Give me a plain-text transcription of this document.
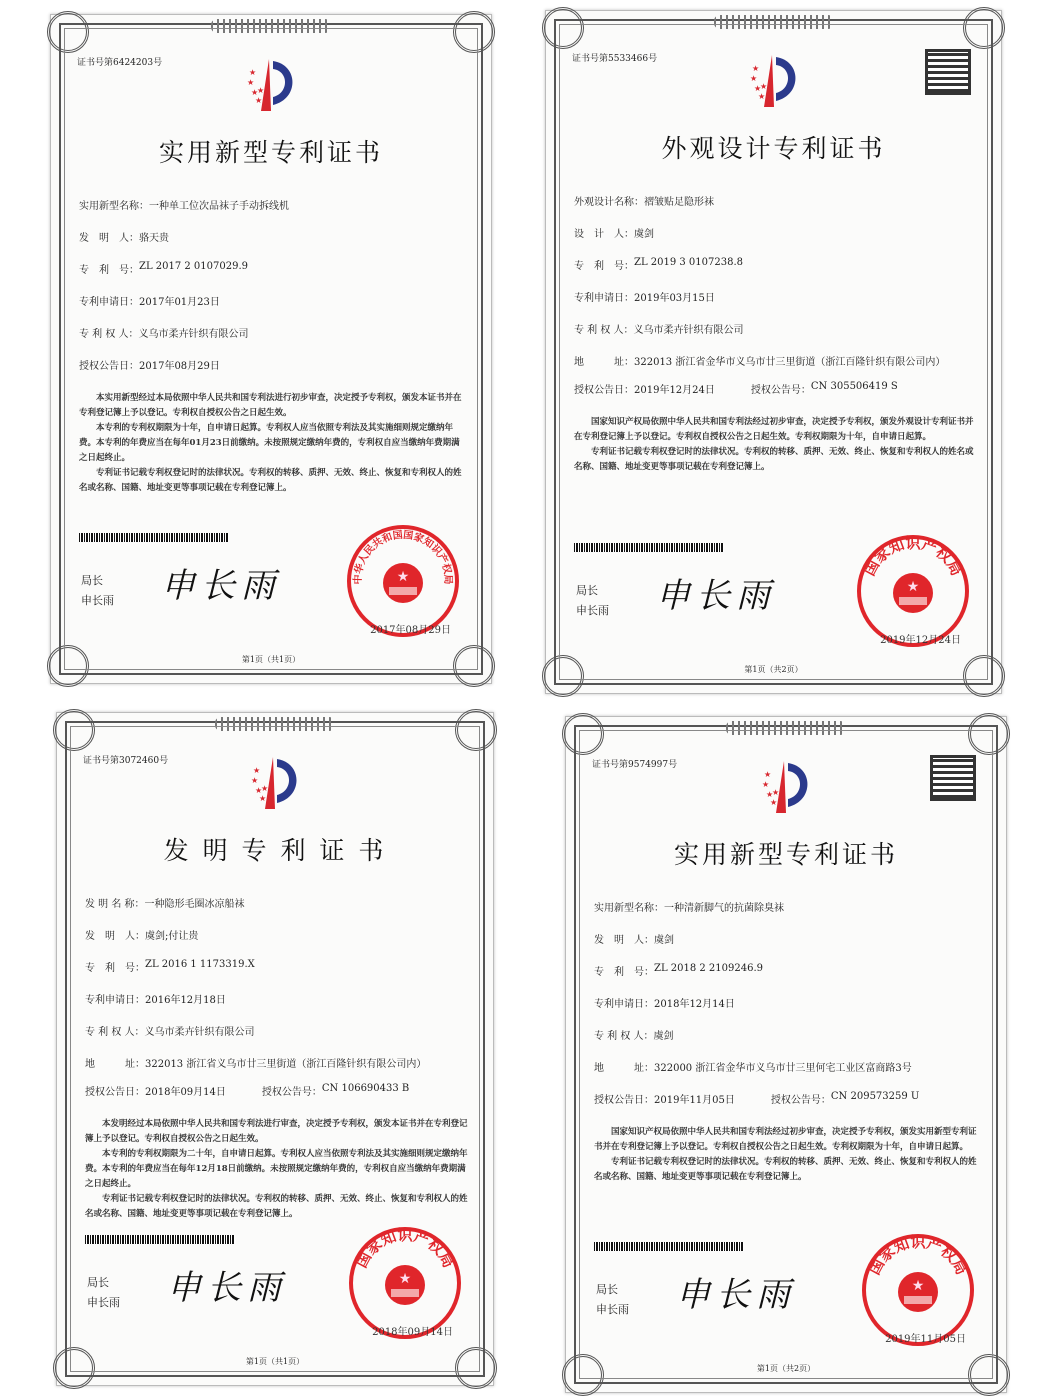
证书号第6424203号
★
★
★
★
★
实用新型专利证书
实用新型名称： 一种单工位次品袜子手动拆线机
发　明　人： 骆天贵
专　利　号： ZL 2017 2 0107029.9
专利申请日： 2017年01月23日
专 利 权 人： 义乌市柔卉针织有限公司
授权公告日： 2017年08月29日

本实用新型经过本局依照中华人民共和国专利法进行初步审查，决定授予专利权，颁发本证书并在专利登记簿上予以登记。专利权自授权公告之日起生效。

本专利的专利权期限为十年，自申请日起算。专利权人应当依照专利法及其实施细则规定缴纳年费。本专利的年费应当在每年01月23日前缴纳。未按照规定缴纳年费的，专利权自应当缴纳年费期满之日起终止。

专利证书记载专利权登记时的法律状况。专利权的转移、质押、无效、终止、恢复和专利权人的姓名或名称、国籍、地址变更等事项记载在专利登记簿上。

局长
申长雨 申长雨	中华人民共和国国家知识产权局
★
2017年08月29日
第1页（共1页）
证书号第5533466号
★
★
★
★
★
外观设计专利证书
外观设计名称： 褶皱贴足隐形袜
设　计　人： 虞剑
专　利　号： ZL 2019 3 0107238.8
专利申请日： 2019年03月15日
专 利 权 人： 义乌市柔卉针织有限公司
地　　　址： 322013 浙江省金华市义乌市廿三里街道（浙江百隆针织有限公司内）
授权公告日： 2019年12月24日	授权公告号： CN 305506419 S

国家知识产权局依照中华人民共和国专利法经过初步审查，决定授予专利权，颁发外观设计专利证书并在专利登记簿上予以登记。专利权自授权公告之日起生效。专利权期限为十年，自申请日起算。

专利证书记载专利权登记时的法律状况。专利权的转移、质押、无效、终止、恢复和专利权人的姓名或名称、国籍、地址变更等事项记载在专利登记簿上。

局长
申长雨 申长雨
国家知识产权局
★
2019年12月24日
第1页（共2页）
证书号第3072460号
★
★
★
★
★
发 明 专 利 证 书
发 明 名 称： 一种隐形毛圈冰凉船袜
发　明　人： 虞剑;付让贵
专　利　号： ZL 2016 1 1173319.X
专利申请日： 2016年12月18日
专 利 权 人： 义乌市柔卉针织有限公司
地　　　址： 322013 浙江省义乌市廿三里街道（浙江百隆针织有限公司内）
授权公告日： 2018年09月14日	授权公告号： CN 106690433 B

本发明经过本局依照中华人民共和国专利法进行审查，决定授予专利权，颁发本证书并在专利登记簿上予以登记。专利权自授权公告之日起生效。

本专利的专利权期限为二十年，自申请日起算。专利权人应当依照专利法及其实施细则规定缴纳年费。本专利的年费应当在每年12月18日前缴纳。未按照规定缴纳年费的，专利权自应当缴纳年费期满之日起终止。

专利证书记载专利权登记时的法律状况。专利权的转移、质押、无效、终止、恢复和专利权人的姓名或名称、国籍、地址变更等事项记载在专利登记簿上。

局长
申长雨 申长雨
国家知识产权局
★
2018年09月14日
第1页（共1页）
证书号第9574997号
★
★
★
★
★
实用新型专利证书
实用新型名称： 一种清新脚气的抗菌除臭袜
发　明　人： 虞剑
专　利　号： ZL 2018 2 2109246.9
专利申请日： 2018年12月14日
专 利 权 人： 虞剑
地　　　址： 322000 浙江省金华市义乌市廿三里何宅工业区富商路3号
授权公告日： 2019年11月05日	授权公告号： CN 209573259 U

国家知识产权局依照中华人民共和国专利法经过初步审查，决定授予专利权，颁发实用新型专利证书并在专利登记簿上予以登记。专利权自授权公告之日起生效。专利权期限为十年，自申请日起算。

专利证书记载专利权登记时的法律状况。专利权的转移、质押、无效、终止、恢复和专利权人的姓名或名称、国籍、地址变更等事项记载在专利登记簿上。

局长
申长雨 申长雨
国家知识产权局
★
2019年11月05日
第1页（共2页）
